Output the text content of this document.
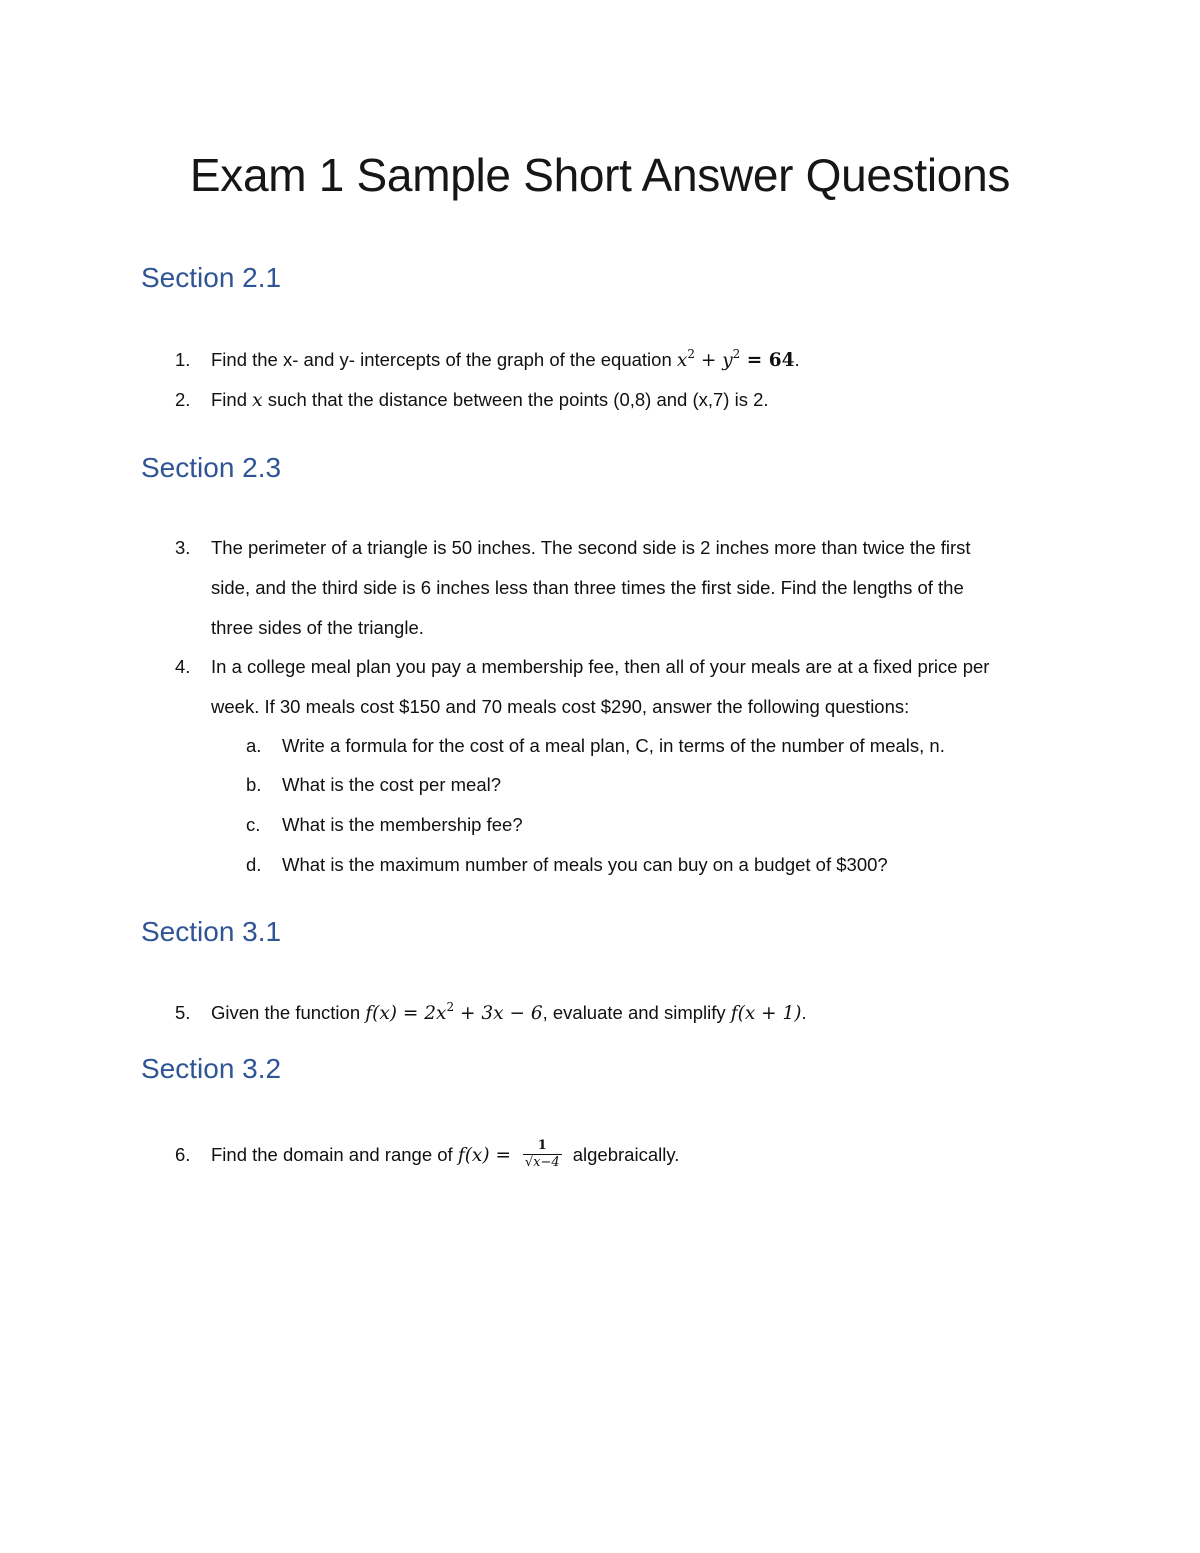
Exam 1 Sample Short Answer Questions
Section 2.1
1.	Find the x- and y- intercepts of the graph of the equation $x^2 + y^2 = 64$.
2.	Find x such that the distance between the points (0,8) and (x,7) is 2.
Section 2.3
3.	The perimeter of a triangle is 50 inches. The second side is 2 inches more than twice the first
side, and the third side is 6 inches less than three times the first side. Find the lengths of the
three sides of the triangle.
4.	In a college meal plan you pay a membership fee, then all of your meals are at a fixed price per
week. If 30 meals cost $150 and 70 meals cost $290, answer the following questions:
a.	Write a formula for the cost of a meal plan, C, in terms of the number of meals, n.
b.	What is the cost per meal?
c.	What is the membership fee?
d.	What is the maximum number of meals you can buy on a budget of $300?
Section 3.1
5.	Given the function $f(x) = 2x^2 + 3x - 6$, evaluate and simplify f(x + 1).
Section 3.2
6.	Find the domain and range of $f(x) = \frac{1}{√x-4}$ algebraically.
